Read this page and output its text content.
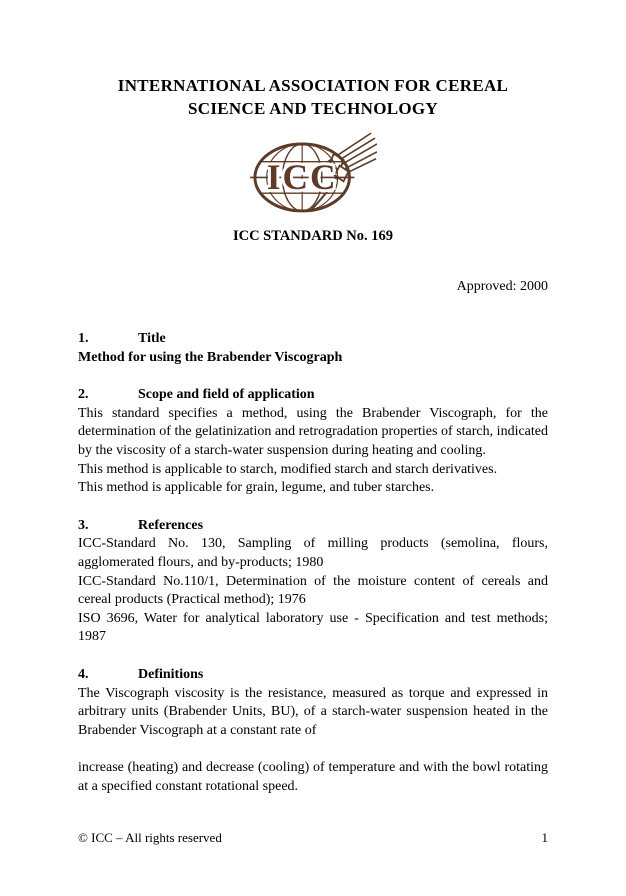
INTERNATIONAL ASSOCIATION FOR CEREAL
SCIENCE AND TECHNOLOGY
ICC
ICC STANDARD No. 169
Approved: 2000

1.	Title

Method for using the Brabender Viscograph

2.	Scope and field of application

This standard specifies a method, using the Brabender Viscograph, for the determination of the gelatinization and retrogradation properties of starch, indicated by the viscosity of a starch-water suspension during heating and cooling.

This method is applicable to starch, modified starch and starch derivatives.

This method is applicable for grain, legume, and tuber starches.

3.	References

ICC-Standard No. 130, Sampling of milling products (semolina, flours, agglomerated flours, and by-products; 1980

ICC-Standard No.110/1, Determination of the moisture content of cereals and cereal products (Practical method); 1976

ISO 3696, Water for analytical laboratory use - Specification and test methods; 1987

4.	Definitions

The Viscograph viscosity is the resistance, measured as torque and expressed in arbitrary units (Brabender Units, BU), of a starch-water suspension heated in the Brabender Viscograph at a constant rate of

increase (heating) and decrease (cooling) of temperature and with the bowl rotating at a specified constant rotational speed.

© ICC – All rights reserved	1
